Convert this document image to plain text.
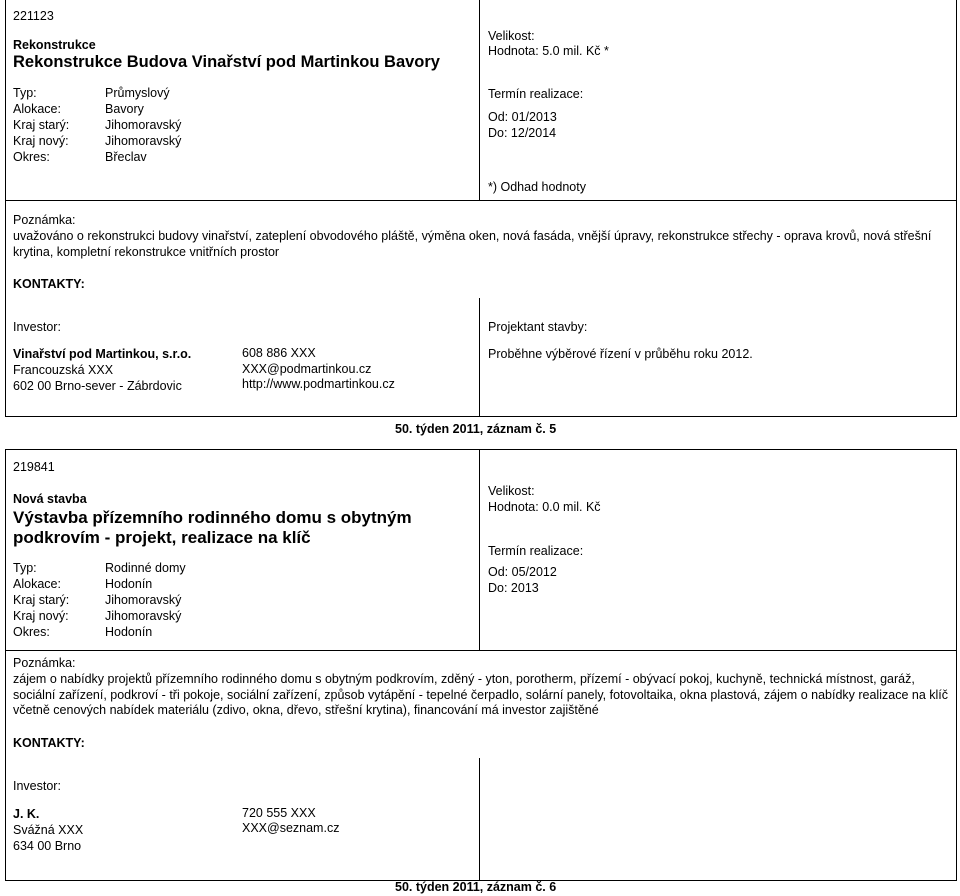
221123
Rekonstrukce
Rekonstrukce Budova Vinařství pod Martinkou Bavory
Typ:	Průmyslový
Alokace:	Bavory
Kraj starý:	Jihomoravský
Kraj nový:	Jihomoravský
Okres:	Břeclav
Velikost:
Hodnota: 5.0 mil. Kč *
Termín realizace:
Od: 01/2013
Do: 12/2014
*) Odhad hodnoty
Poznámka:
uvažováno o rekonstrukci budovy vinařství, zateplení obvodového pláště, výměna oken, nová fasáda, vnější úpravy, rekonstrukce střechy - oprava krovů, nová střešní krytina, kompletní rekonstrukce vnitřních prostor
KONTAKTY:
Investor:
Vinařství pod Martinkou, s.r.o.
Francouzská XXX
602 00 Brno-sever - Zábrdovic
608 886 XXX
XXX@podmartinkou.cz
http://www.podmartinkou.cz
Projektant stavby:
Proběhne výběrové řízení v průběhu roku 2012.
50. týden 2011, záznam č. 5
219841
Nová stavba
Výstavba přízemního rodinného domu s obytným podkrovím - projekt, realizace na klíč
Typ:	Rodinné domy
Alokace:	Hodonín
Kraj starý:	Jihomoravský
Kraj nový:	Jihomoravský
Okres:	Hodonín
Velikost:
Hodnota: 0.0 mil. Kč
Termín realizace:
Od: 05/2012
Do: 2013
Poznámka:
zájem o nabídky projektů přízemního rodinného domu s obytným podkrovím, zděný - yton, porotherm, přízemí - obývací pokoj, kuchyně, technická místnost, garáž, sociální zařízení, podkroví - tři pokoje, sociální zařízení, způsob vytápění - tepelné čerpadlo, solární panely, fotovoltaika, okna plastová, zájem o nabídky realizace na klíč včetně cenových nabídek materiálu (zdivo, okna, dřevo, střešní krytina), financování má investor zajištěné
KONTAKTY:
Investor:
J. K.
Svážná XXX
634 00 Brno
720 555 XXX
XXX@seznam.cz
50. týden 2011, záznam č. 6
